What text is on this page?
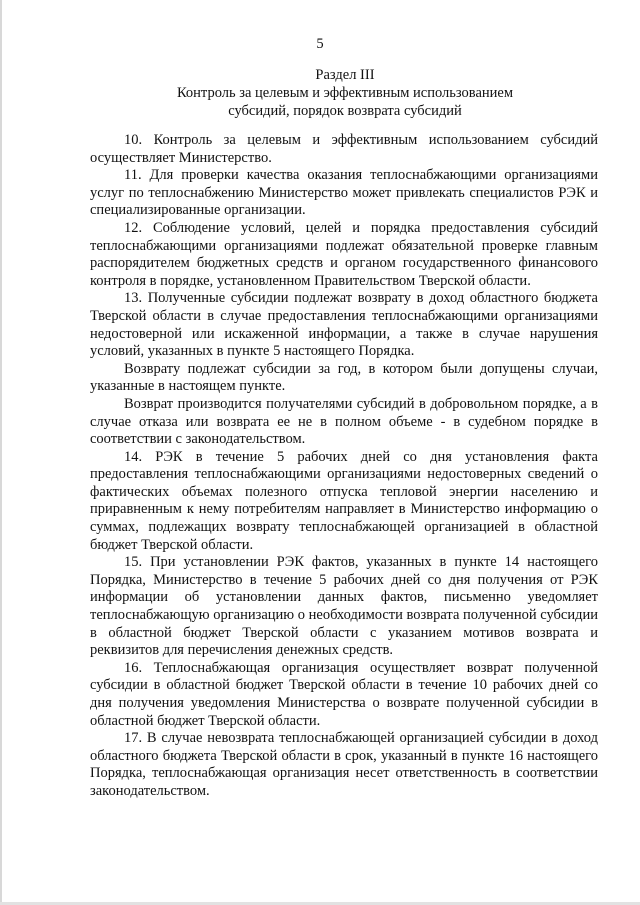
5
Раздел III
Контроль за целевым и эффективным использованием
субсидий, порядок возврата субсидий

10. Контроль за целевым и эффективным использованием субсидий осуществляет Министерство.

11. Для проверки качества оказания теплоснабжающими организациями услуг по теплоснабжению Министерство может привлекать специалистов РЭК и специализированные организации.

12. Соблюдение условий, целей и порядка предоставления субсидий теплоснабжающими организациями подлежат обязательной проверке главным распорядителем бюджетных средств и органом государственного финансового контроля в порядке, установленном Правительством Тверской области.

13. Полученные субсидии подлежат возврату в доход областного бюджета Тверской области в случае предоставления теплоснабжающими организациями недостоверной или искаженной информации, а также в случае нарушения условий, указанных в пункте 5 настоящего Порядка.

Возврату подлежат субсидии за год, в котором были допущены случаи, указанные в настоящем пункте.

Возврат производится получателями субсидий в добровольном порядке, а в случае отказа или возврата ее не в полном объеме - в судебном порядке в соответствии с законодательством.

14. РЭК в течение 5 рабочих дней со дня установления факта предоставления теплоснабжающими организациями недостоверных сведений о фактических объемах полезного отпуска тепловой энергии населению и приравненным к нему потребителям направляет в Министерство информацию о суммах, подлежащих возврату теплоснабжающей организацией в областной бюджет Тверской области.

15. При установлении РЭК фактов, указанных в пункте 14 настоящего Порядка, Министерство в течение 5 рабочих дней со дня получения от РЭК информации об установлении данных фактов, письменно уведомляет теплоснабжающую организацию о необходимости возврата полученной субсидии в областной бюджет Тверской области с указанием мотивов возврата и реквизитов для перечисления денежных средств.

16. Теплоснабжающая организация осуществляет возврат полученной субсидии в областной бюджет Тверской области в течение 10 рабочих дней со дня получения уведомления Министерства о возврате полученной субсидии в областной бюджет Тверской области.

17. В случае невозврата теплоснабжающей организацией субсидии в доход областного бюджета Тверской области в срок, указанный в пункте 16 настоящего Порядка, теплоснабжающая организация несет ответственность в соответствии законодательством.
